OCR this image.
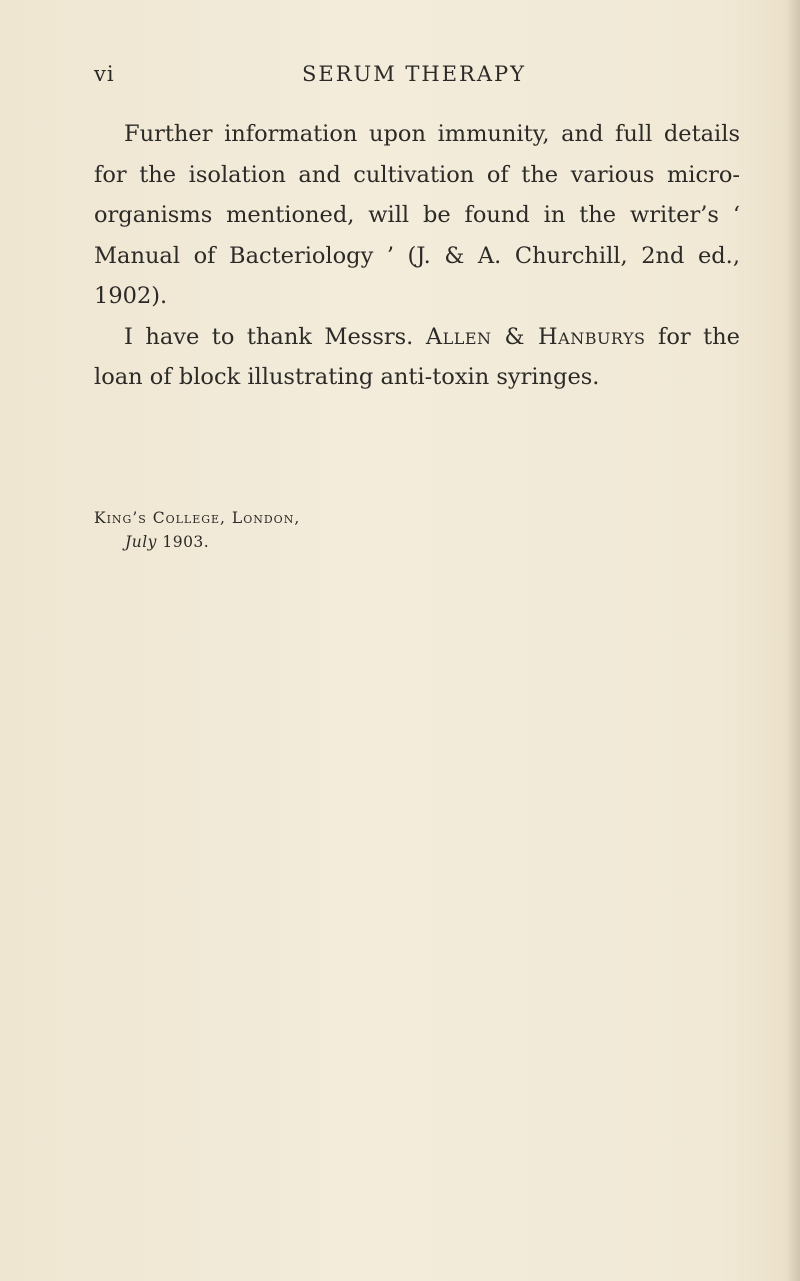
vi	SERUM THERAPY

Further information upon immunity, and full details for the isolation and cultivation of the various micro-organisms mentioned, will be found in the writer’s ‘ Manual of Bacteriology ’ (J. & A. Churchill, 2nd ed., 1902).

I have to thank Messrs. Allen & Hanburys for the loan of block illustrating anti-toxin syringes.

King’s College, London,
July 1903.
